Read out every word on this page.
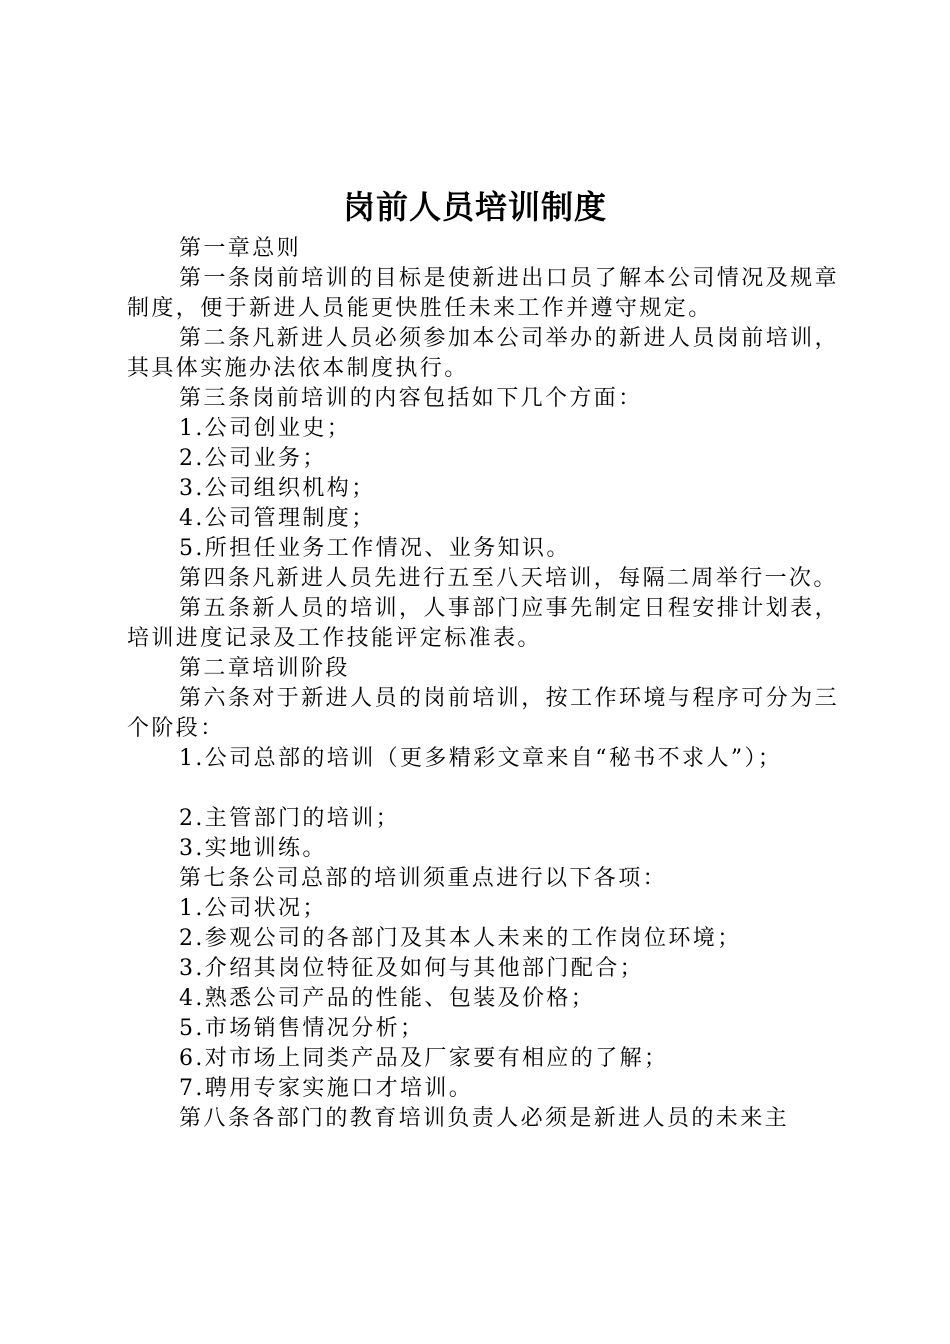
岗前人员培训制度

第一章总则

第一条岗前培训的目标是使新进出口员了解本公司情况及规章制度，便于新进人员能更快胜任未来工作并遵守规定。

第二条凡新进人员必须参加本公司举办的新进人员岗前培训，其具体实施办法依本制度执行。

第三条岗前培训的内容包括如下几个方面：

1.公司创业史；

2.公司业务；

3.公司组织机构；

4.公司管理制度；

5.所担任业务工作情况、业务知识。

第四条凡新进人员先进行五至八天培训，每隔二周举行一次。

第五条新人员的培训，人事部门应事先制定日程安排计划表，培训进度记录及工作技能评定标准表。

第二章培训阶段

第六条对于新进人员的岗前培训，按工作环境与程序可分为三个阶段：

1.公司总部的培训（更多精彩文章来自“秘书不求人”）；

2.主管部门的培训；

3.实地训练。

第七条公司总部的培训须重点进行以下各项：

1.公司状况；

2.参观公司的各部门及其本人未来的工作岗位环境；

3.介绍其岗位特征及如何与其他部门配合；

4.熟悉公司产品的性能、包装及价格；

5.市场销售情况分析；

6.对市场上同类产品及厂家要有相应的了解；

7.聘用专家实施口才培训。

第八条各部门的教育培训负责人必须是新进人员的未来主
